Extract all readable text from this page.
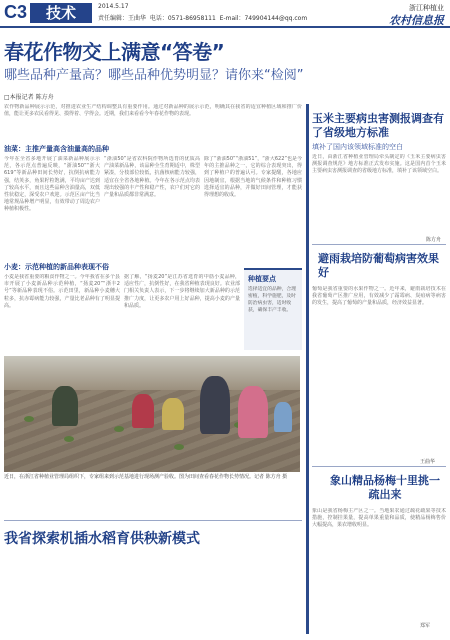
C3	技术	2014.5.17
责任编辑：王曲华 电话：0571-86958111 E-mail：749904144@qq.com
浙江种植业
农村信息报
春花作物交上满意“答卷”
哪些品种产量高？哪些品种优势明显？请你来“检阅”
□本报记者 陈方舟
农作物新品种展示示范，对推进农业生产结构调整具有重要作用。通过对新品种的展示示范，明确其在我省的适宜种植区域和推广价值，能让更多农民看得见、摸得着、学得会。近期，我们来看看今年春花作物的表现。
油菜：主推产量高含油量高的品种
今年在全省多地开展了油菜新品种展示示范，各示范点普遍反映，“浙油50”“浙大619”等新品种田间长势好，抗倒抗病能力强，结荚多，角果籽粒饱满，平均亩产达到了较高水平，而且这些品种含油量高，双低性状稳定，深受农户欢迎。示范区亩产比当地常规品种增产明显，有效带动了周边农户种植积极性。
“浙油50”是省农科院作物所选育的优质高产油菜新品种，该品种全生育期适中，株型紧凑，分枝部位较低，抗菌核病能力较强，适宜在全省各地种植。今年在各示范点均表现出较强的丰产性和稳产性，农户们对它的产量和品质都非常满意。
除了“浙油50”“浙油51”，“浙大622”也是今年的主推品种之一，它的综合表现突出，得到了种植户的普遍认可。专家提醒，各地应因地制宜，根据当地的气候条件和种植习惯选择适宜的品种，并做好田间管理，才能获得理想的收成。
小麦：示范种植的新品种表现不俗
小麦是我省重要的粮食作物之一。今年我省在多个县市开展了小麦新品种示范种植，“扬麦20”“浙丰2号”等新品种表现不俗。示范田里，新品种小麦穗大粒多，抗赤霉病能力较强，产量比老品种有了明显提高。
据了解，“扬麦20”是江苏省选育的中筋小麦品种，适应性广，抗倒性好，在我省种植表现良好。农业部门相关负责人表示，下一步将继续加大新品种的示范推广力度，让更多农户用上好品种，提高小麦的产量和品质。
种植要点
选择适宜的品种，合理密植，科学施肥，及时防治病虫害，适时收获，确保丰产丰收。
近日，在浙江省种植业管理局组织下，专家组来到示范基地进行现场测产验收。图为田间查看春花作物长势情况。记者 陈方舟 摄
我省探索机插水稻育供秧新模式
玉米主要病虫害测报调查有了省级地方标准
填补了国内该领域标准的空白
近日，由浙江省种植业管理局牵头制定的《玉米主要病虫害测报调查规范》地方标准正式发布实施。这是国内首个玉米主要病虫害测报调查的省级地方标准，填补了该领域空白。
陈方舟
避雨栽培防葡萄病害效果好
葡萄是我省重要的水果作物之一。近年来，避雨栽培技术在我省葡萄产区推广应用，有效减少了霜霉病、炭疽病等病害的发生，提高了葡萄的产量和品质，经济效益显著。
王曲华
象山精品杨梅十里挑一疏出来
象山是我省杨梅主产区之一。当地果农通过疏花疏果等技术措施，控制挂果量，提高单果重量和品质，使精品杨梅售价大幅提高，果农增收明显。
郑军
